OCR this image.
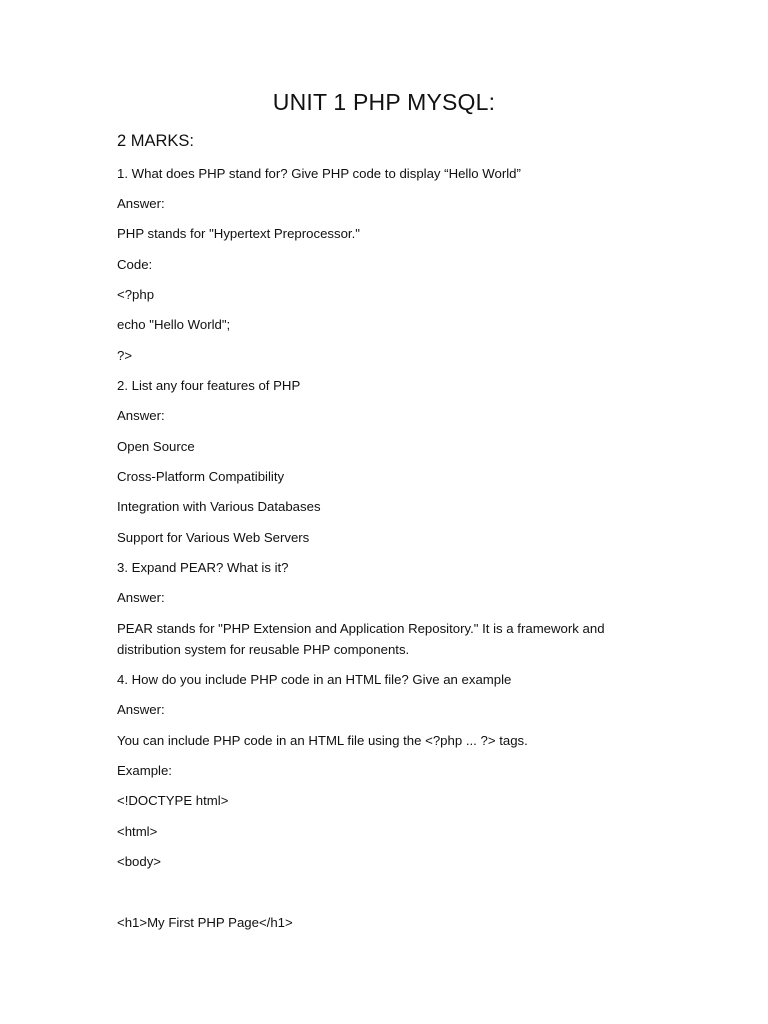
UNIT 1 PHP MYSQL:
2 MARKS:

1. What does PHP stand for? Give PHP code to display “Hello World”

Answer:

PHP stands for "Hypertext Preprocessor."

Code:

<?php

echo "Hello World";

?>

2. List any four features of PHP

Answer:

Open Source

Cross-Platform Compatibility

Integration with Various Databases

Support for Various Web Servers

3. Expand PEAR? What is it?

Answer:

PEAR stands for "PHP Extension and Application Repository." It is a framework and distribution system for reusable PHP components.

4. How do you include PHP code in an HTML file? Give an example

Answer:

You can include PHP code in an HTML file using the <?php ... ?> tags.

Example:

<!DOCTYPE html>

<html>

<body>

<h1>My First PHP Page</h1>
